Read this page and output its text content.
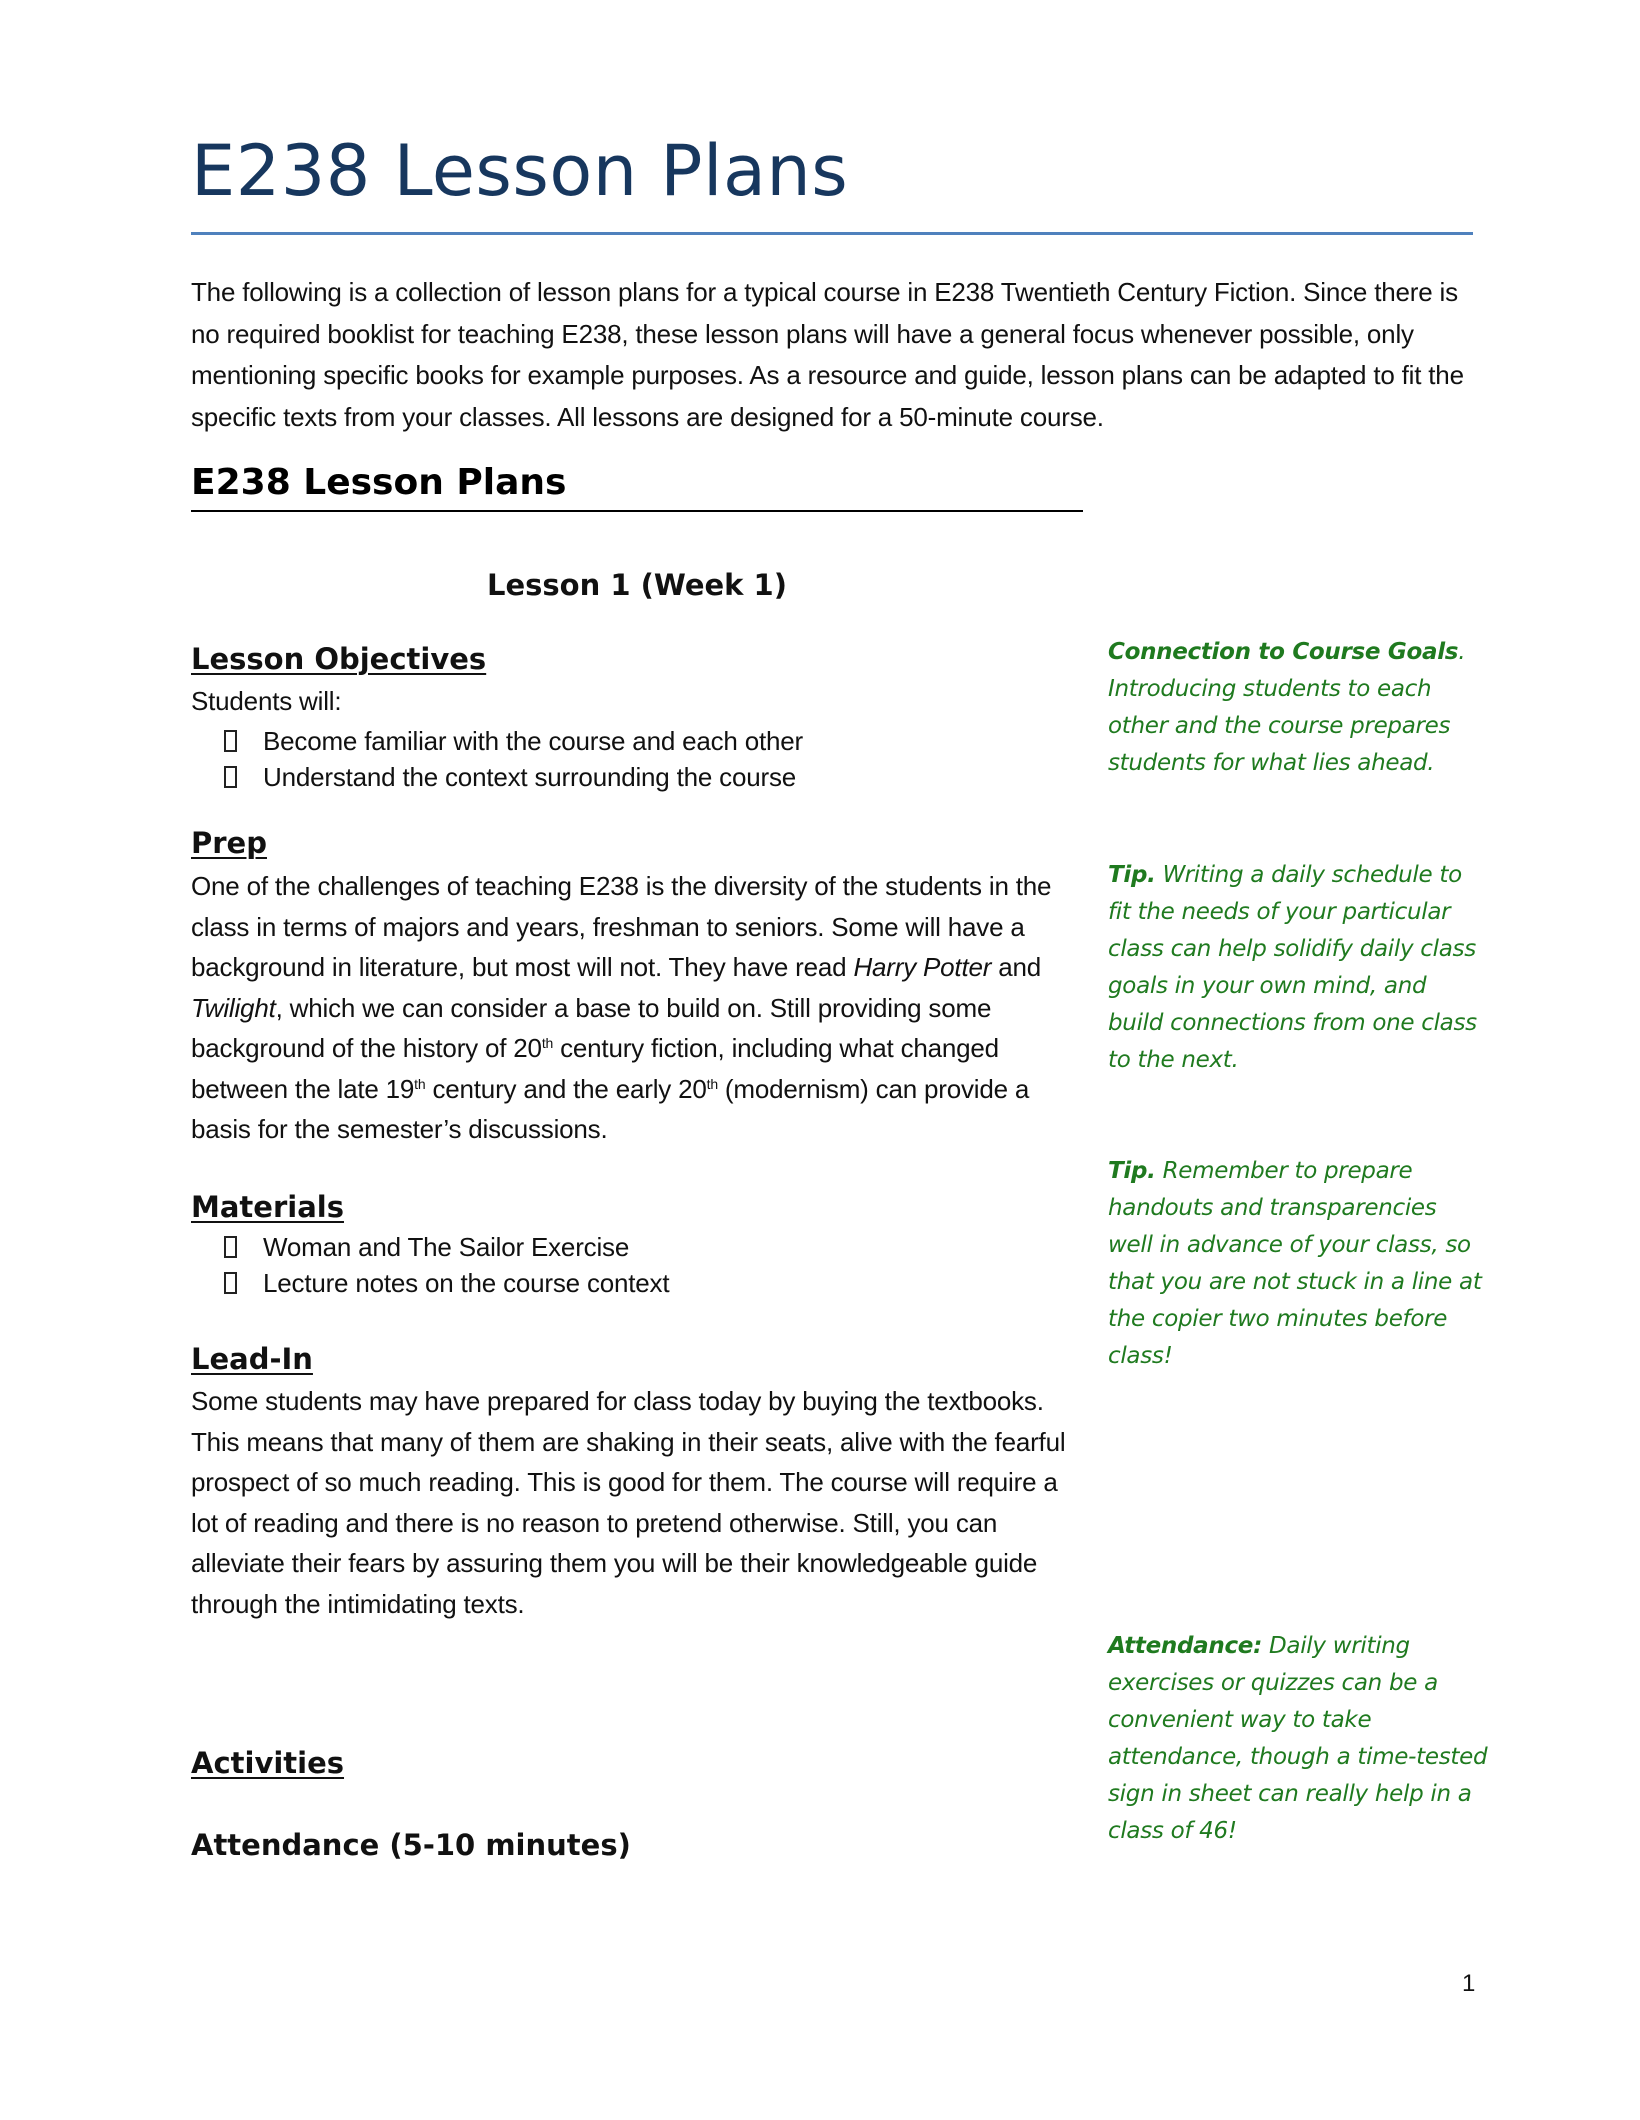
E238 Lesson Plans
The following is a collection of lesson plans for a typical course in E238 Twentieth Century Fiction. Since there is no required booklist for teaching E238, these lesson plans will have a general focus whenever possible, only mentioning specific books for example purposes. As a resource and guide, lesson plans can be adapted to fit the specific texts from your classes. All lessons are designed for a 50-minute course.
E238 Lesson Plans
Lesson 1 (Week 1)
Lesson Objectives
Students will:
Become familiar with the course and each other
Understand the context surrounding the course
Prep
One of the challenges of teaching E238 is the diversity of the students in the class in terms of majors and years, freshman to seniors. Some will have a background in literature, but most will not. They have read Harry Potter and Twilight, which we can consider a base to build on. Still providing some background of the history of 20th century fiction, including what changed between the late 19th century and the early 20th (modernism) can provide a basis for the semester’s discussions.
Materials
Woman and The Sailor Exercise
Lecture notes on the course context
Lead-In
Some students may have prepared for class today by buying the textbooks. This means that many of them are shaking in their seats, alive with the fearful prospect of so much reading. This is good for them. The course will require a lot of reading and there is no reason to pretend otherwise. Still, you can alleviate their fears by assuring them you will be their knowledgeable guide through the intimidating texts.
Activities
Attendance (5-10 minutes)
Connection to Course Goals. Introducing students to each other and the course prepares students for what lies ahead.
Tip. Writing a daily schedule to fit the needs of your particular class can help solidify daily class goals in your own mind, and build connections from one class to the next.
Tip. Remember to prepare handouts and transparencies well in advance of your class, so that you are not stuck in a line at the copier two minutes before class!
Attendance: Daily writing exercises or quizzes can be a convenient way to take attendance, though a time-tested sign in sheet can really help in a class of 46!
1
